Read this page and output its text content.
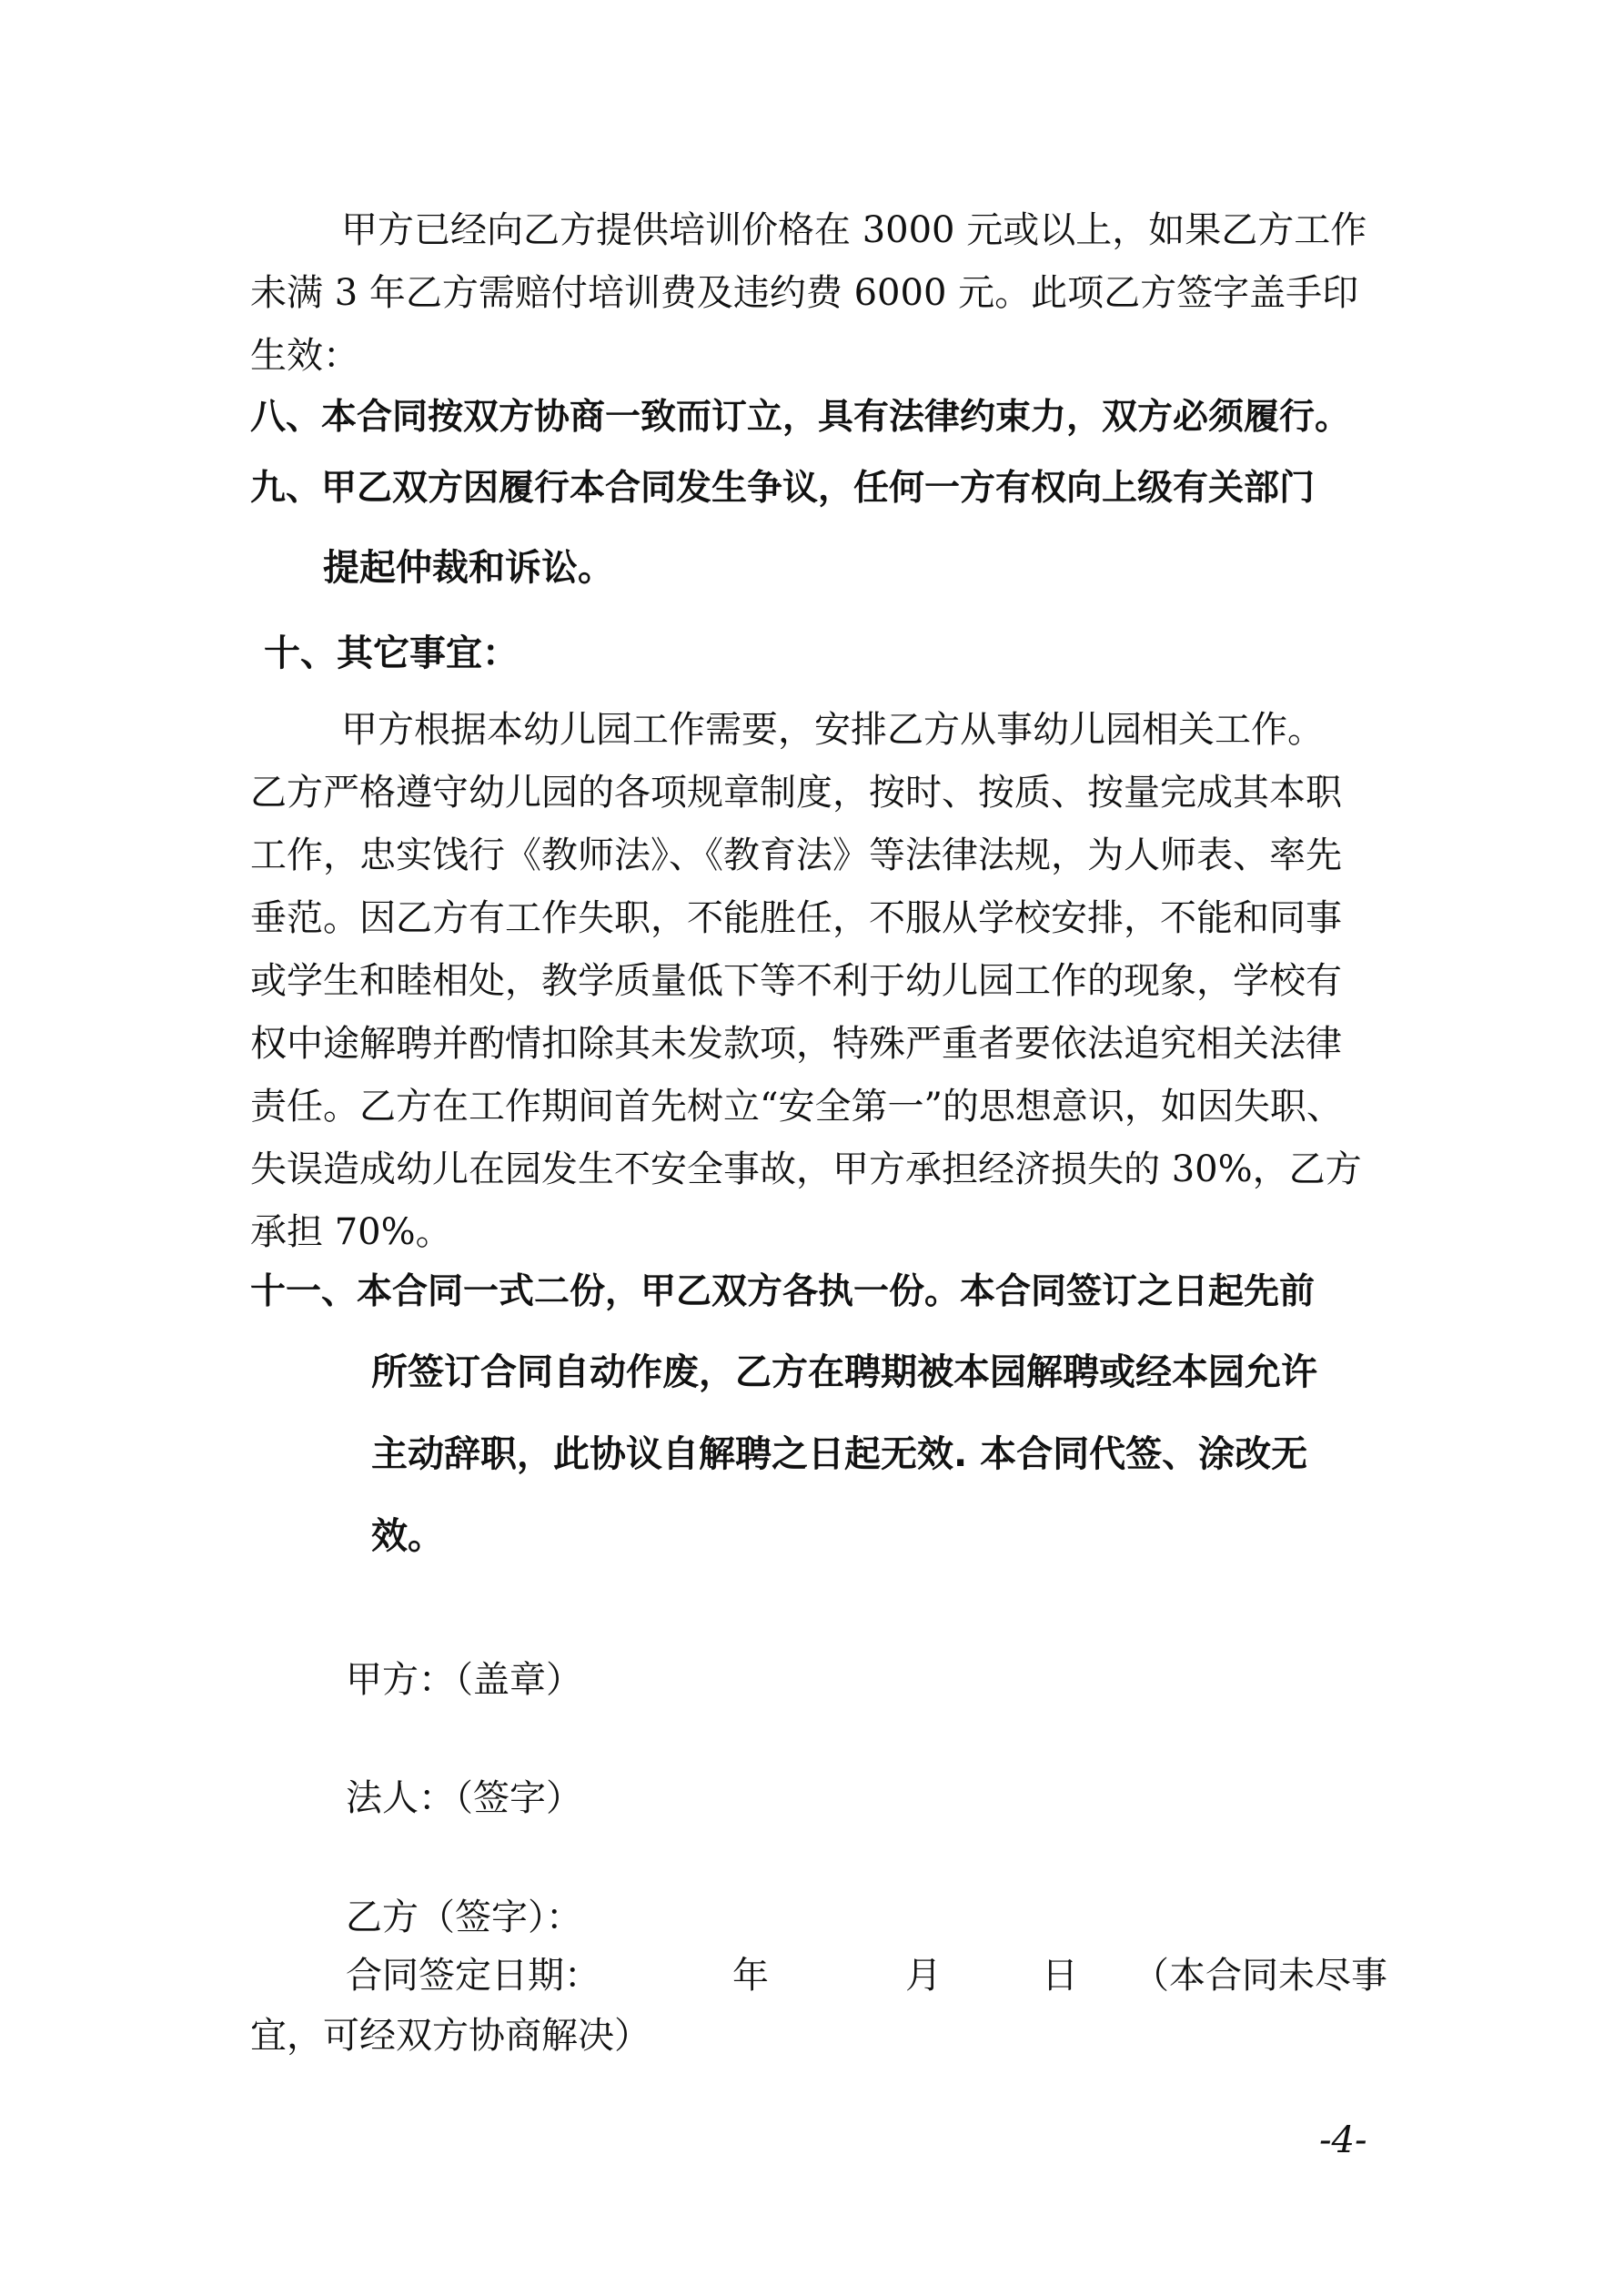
甲方已经向乙方提供培训价格在 3000 元或以上，如果乙方工作
未满 3 年乙方需赔付培训费及违约费 6000 元。此项乙方签字盖手印
生效：
八、本合同按双方协商一致而订立，具有法律约束力，双方必须履行。
九、甲乙双方因履行本合同发生争议，任何一方有权向上级有关部门
提起仲裁和诉讼。
十、其它事宜：
甲方根据本幼儿园工作需要，安排乙方从事幼儿园相关工作。
乙方严格遵守幼儿园的各项规章制度，按时、按质、按量完成其本职
工作，忠实饯行《教师法》、《教育法》等法律法规，为人师表、率先
垂范。因乙方有工作失职，不能胜任，不服从学校安排，不能和同事
或学生和睦相处，教学质量低下等不利于幼儿园工作的现象，学校有
权中途解聘并酌情扣除其未发款项，特殊严重者要依法追究相关法律
责任。乙方在工作期间首先树立“安全第一”的思想意识，如因失职、
失误造成幼儿在园发生不安全事故，甲方承担经济损失的 30%，乙方
承担 70%。
十一、本合同一式二份，甲乙双方各执一份。本合同签订之日起先前
所签订合同自动作废，乙方在聘期被本园解聘或经本园允许
主动辞职，此协议自解聘之日起无效. 本合同代签、涂改无
效。
甲方：（盖章）
法人：（签字）
乙方（签字）：
合同签定日期：	年	月	日 （本合同未尽事
宜，可经双方协商解决）
-4-
